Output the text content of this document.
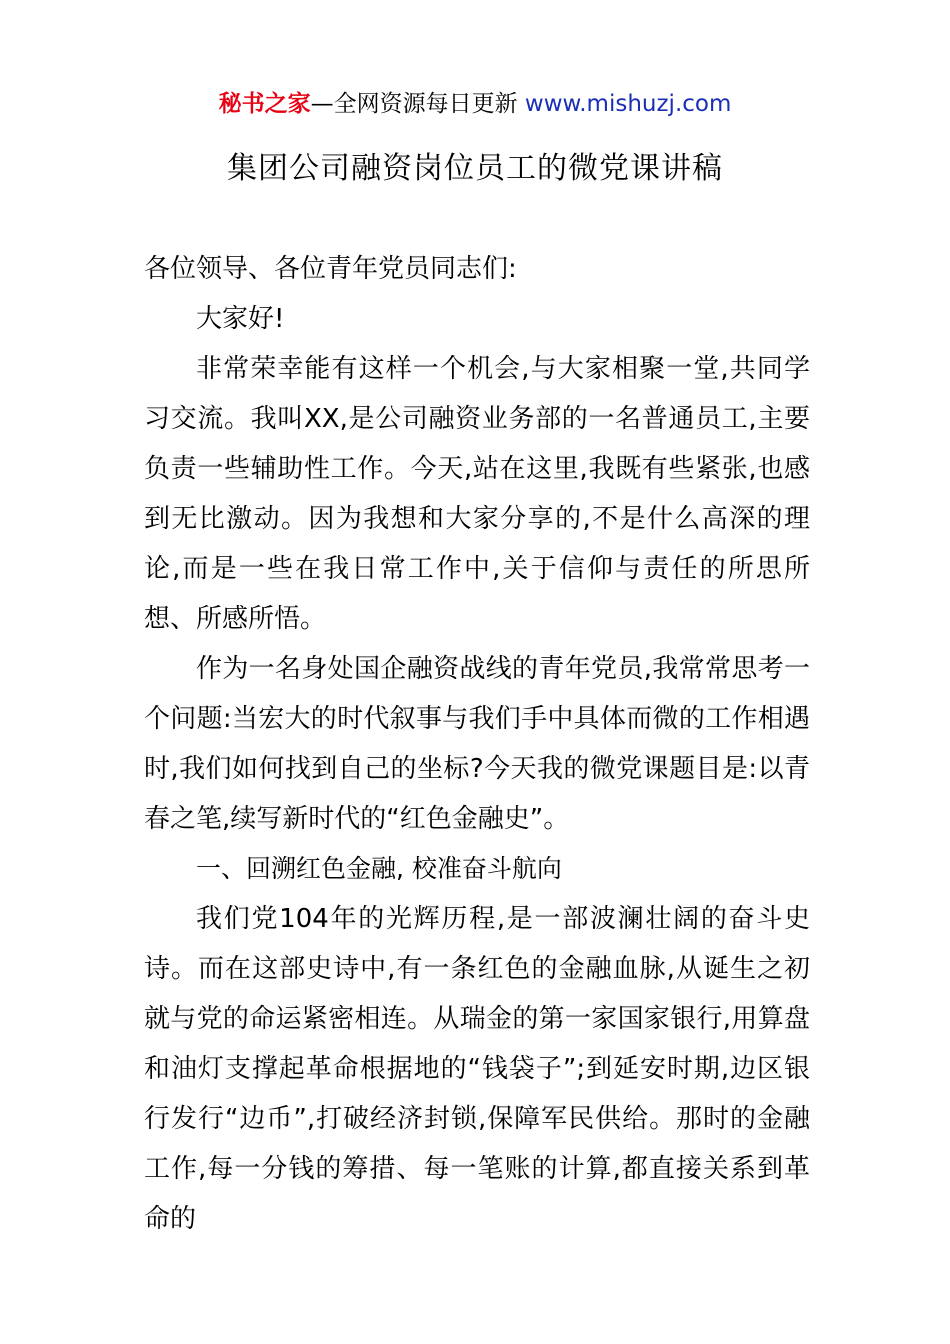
秘书之家—全网资源每日更新 www.mishuzj.com
集团公司融资岗位员工的微党课讲稿

各位领导、各位青年党员同志们:

大家好!

非常荣幸能有这样一个机会,与大家相聚一堂,共同学习交流。我叫XX,是公司融资业务部的一名普通员工,主要负责一些辅助性工作。今天,站在这里,我既有些紧张,也感到无比激动。因为我想和大家分享的,不是什么高深的理论,而是一些在我日常工作中,关于信仰与责任的所思所想、所感所悟。

作为一名身处国企融资战线的青年党员,我常常思考一个问题:当宏大的时代叙事与我们手中具体而微的工作相遇时,我们如何找到自己的坐标?今天我的微党课题目是:以青春之笔,续写新时代的“红色金融史”。

一、回溯红色金融, 校准奋斗航向

我们党104年的光辉历程,是一部波澜壮阔的奋斗史诗。而在这部史诗中,有一条红色的金融血脉,从诞生之初就与党的命运紧密相连。从瑞金的第一家国家银行,用算盘和油灯支撑起革命根据地的“钱袋子”;到延安时期,边区银行发行“边币”,打破经济封锁,保障军民供给。那时的金融工作,每一分钱的筹措、每一笔账的计算,都直接关系到革命的
